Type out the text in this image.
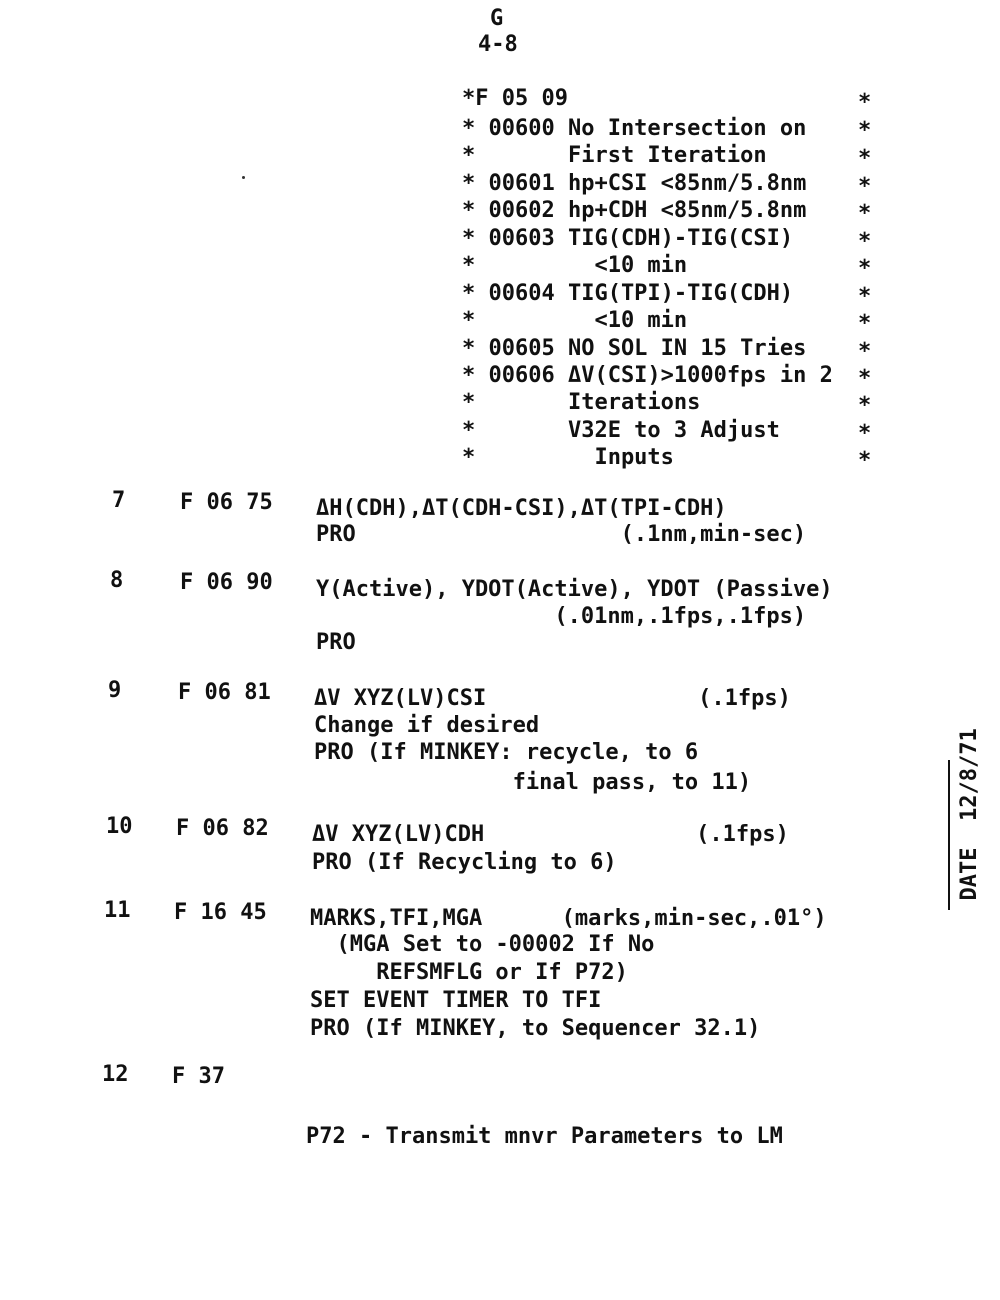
G
4-8
*F 05 09
* 00600 No Intersection on
*       First Iteration
* 00601 hp+CSI <85nm/5.8nm
* 00602 hp+CDH <85nm/5.8nm
* 00603 TIG(CDH)-TIG(CSI)
*         <10 min
* 00604 TIG(TPI)-TIG(CDH)
*         <10 min
* 00605 NO SOL IN 15 Tries
* 00606 ΔV(CSI)>1000fps in 2
*       Iterations
*       V32E to 3 Adjust
*         Inputs
*
*
*
*
*
*
*
*
*
*
*
*
*
*
7 F 06 75 ΔH(CDH),ΔT(CDH-CSI),ΔT(TPI-CDH)
PRO                    (.1nm,min-sec)
8	F 06 90 Y(Active), YDOT(Active), YDOT (Passive)
(.01nm,.1fps,.1fps)
PRO
9	F 06 81 ΔV XYZ(LV)CSI                (.1fps)
Change if desired
PRO (If MINKEY: recycle, to 6
final pass, to 11)
10 F 06 82 ΔV XYZ(LV)CDH                (.1fps)
PRO (If Recycling to 6)
11 F 16 45 MARKS,TFI,MGA      (marks,min-sec,.01°)
(MGA Set to -00002 If No
REFSMFLG or If P72)
SET EVENT TIMER TO TFI
PRO (If MINKEY, to Sequencer 32.1)
12 F 37
P72 - Transmit mnvr Parameters to LM

DATE  12/8/71
